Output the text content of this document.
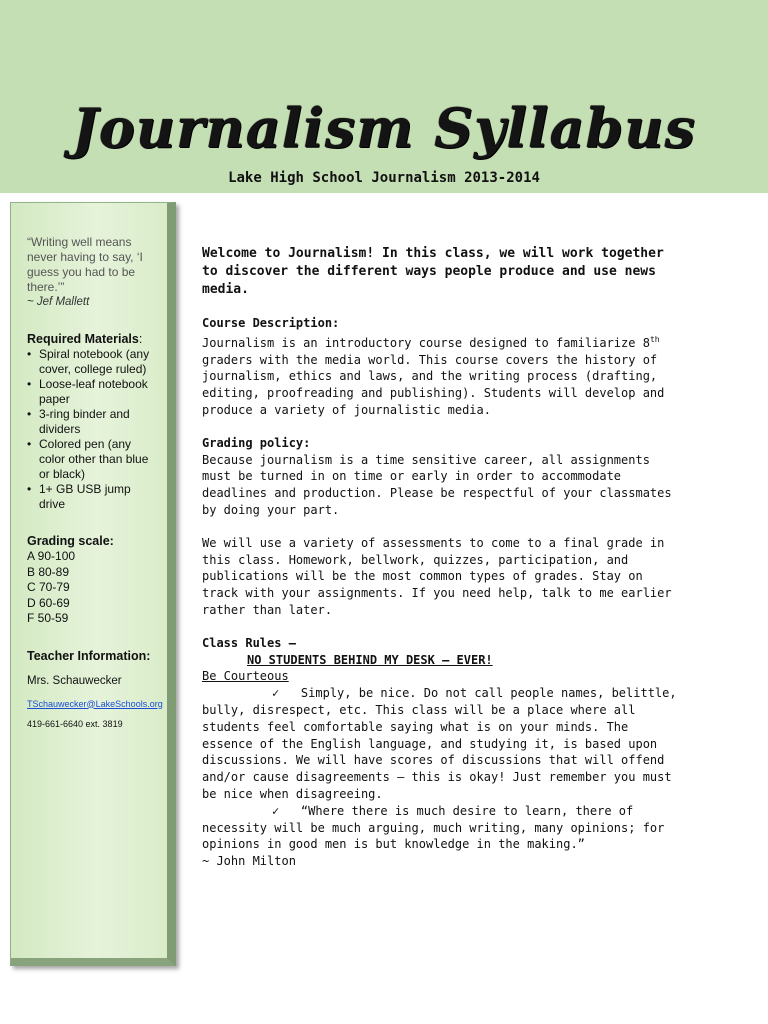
Journalism Syllabus
Lake High School Journalism 2013-2014
“Writing well means never having to say, ‘I guess you had to be there.’”
~ Jef Mallett
Required Materials:
• Spiral notebook (any cover, college ruled)
• Loose-leaf notebook paper
• 3-ring binder and dividers
• Colored pen (any color other than blue or black)
• 1+ GB USB jump drive
Grading scale:
A 90-100
B 80-89
C 70-79
D 60-69
F 50-59
Teacher Information:
Mrs. Schauwecker
TSchauwecker@LakeSchools.org
419-661-6640 ext. 3819

Welcome to Journalism! In this class, we will work together to discover the different ways people produce and use news media.

Course Description:

Journalism is an introductory course designed to familiarize 8th graders with the media world. This course covers the history of journalism, ethics and laws, and the writing process (drafting, editing, proofreading and publishing). Students will develop and produce a variety of journalistic media.

Grading policy:

Because journalism is a time sensitive career, all assignments must be turned in on time or early in order to accommodate deadlines and production. Please be respectful of your classmates by doing your part.

We will use a variety of assessments to come to a final grade in this class. Homework, bellwork, quizzes, participation, and publications will be the most common types of grades. Stay on track with your assignments. If you need help, talk to me earlier rather than later.

Class Rules –

NO STUDENTS BEHIND MY DESK – EVER!

Be Courteous

✓ Simply, be nice. Do not call people names, belittle, bully, disrespect, etc. This class will be a place where all students feel comfortable saying what is on your minds. The essence of the English language, and studying it, is based upon discussions. We will have scores of discussions that will offend and/or cause disagreements – this is okay! Just remember you must be nice when disagreeing.

✓ “Where there is much desire to learn, there of necessity will be much arguing, much writing, many opinions; for opinions in good men is but knowledge in the making.”

~ John Milton
